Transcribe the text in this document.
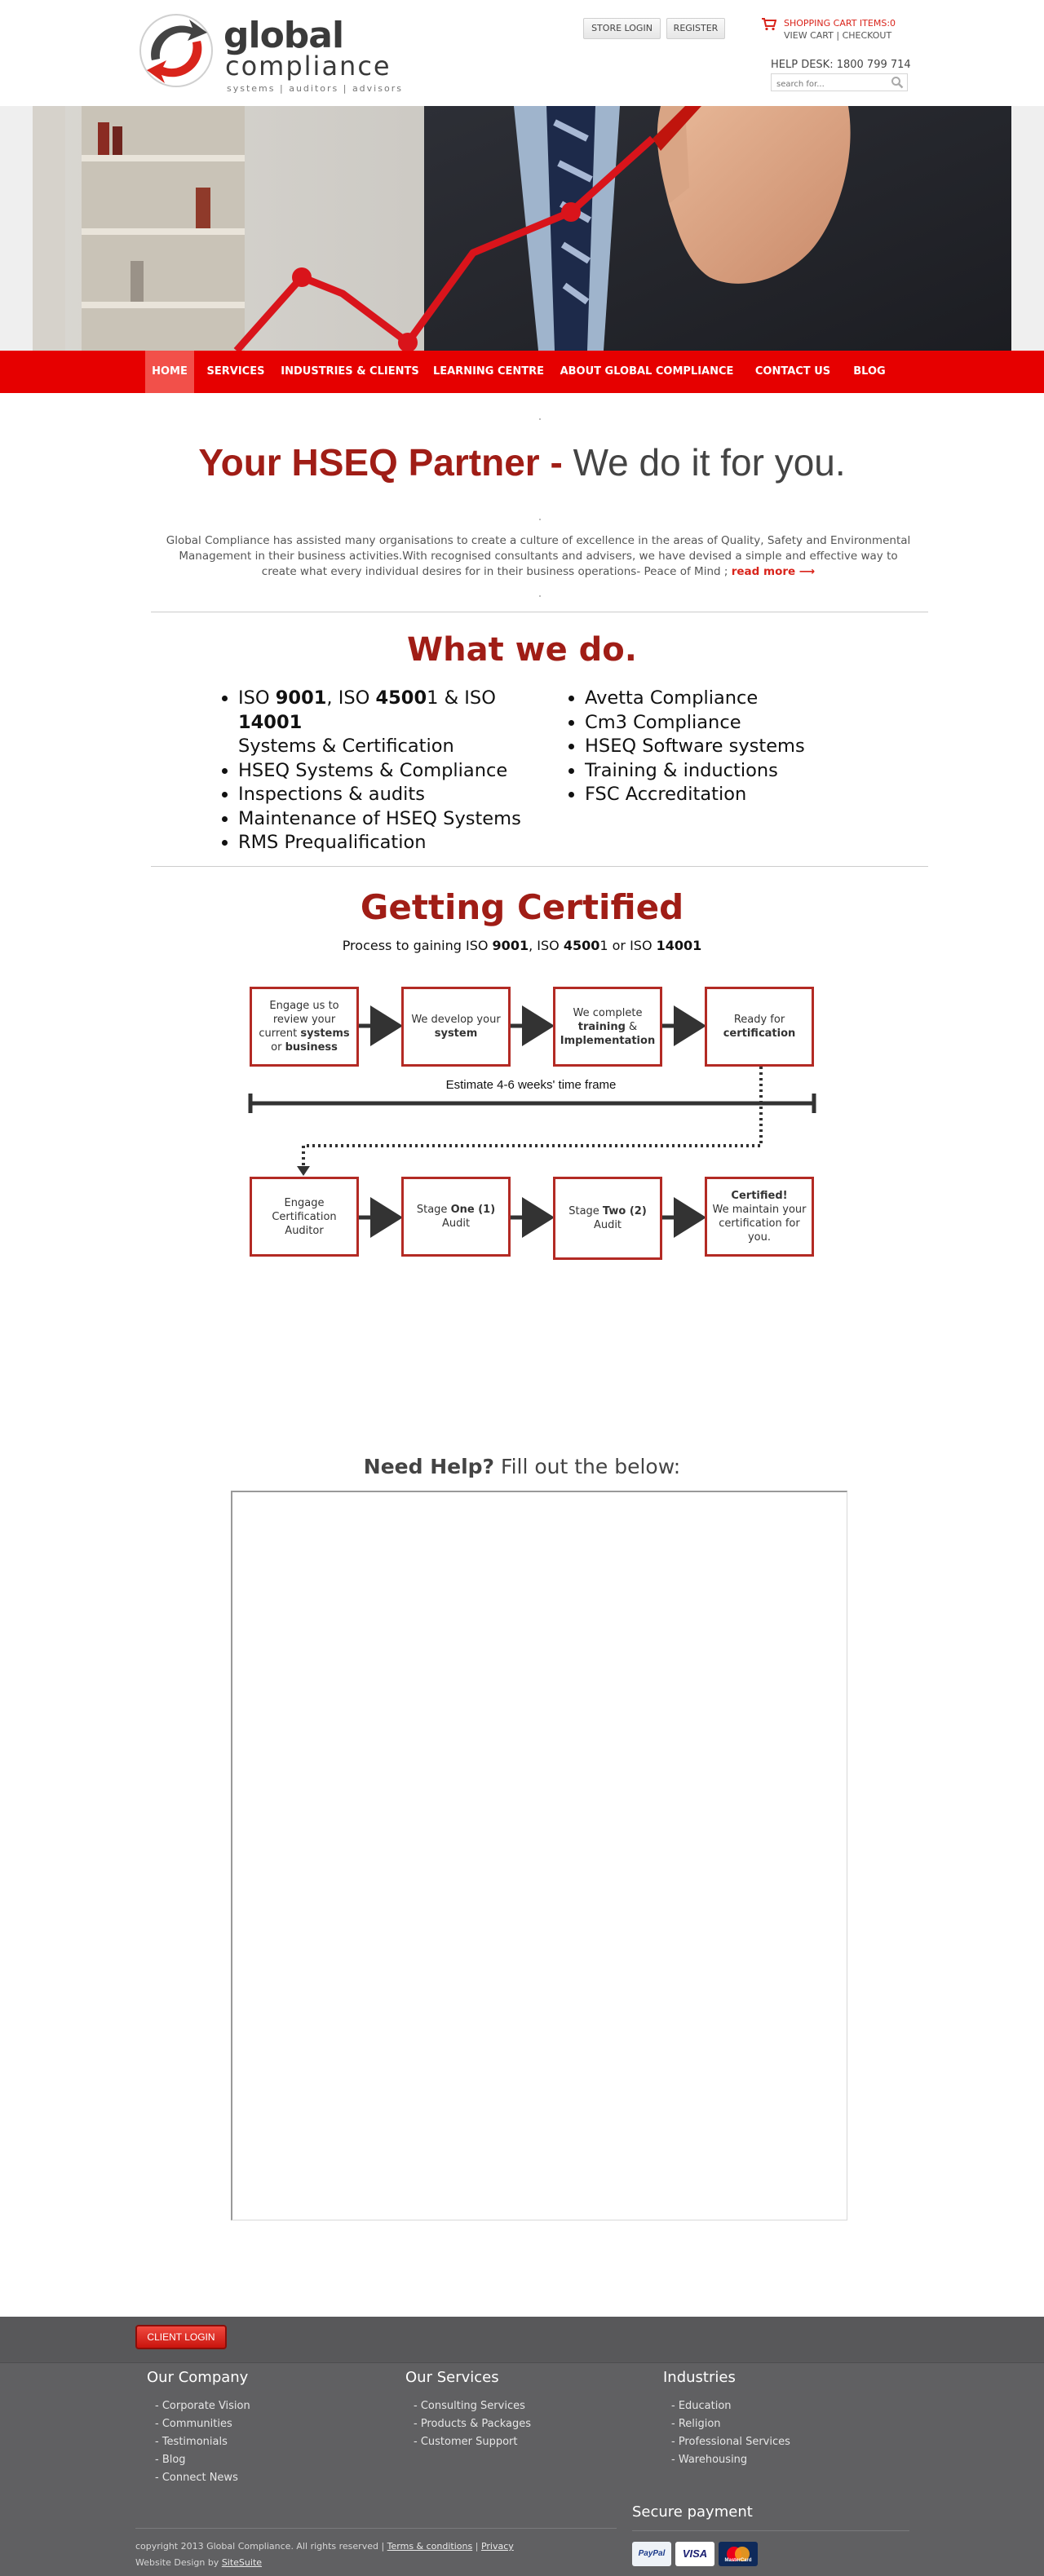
global
compliance
systems | auditors | advisors
STORE LOGIN	REGISTER	SHOPPING CART ITEMS:0
VIEW CART | CHECKOUT
HELP DESK: 1800 799 714
search for...
HOME	SERVICES	INDUSTRIES & CLIENTS	LEARNING CENTRE	ABOUT GLOBAL COMPLIANCE	CONTACT US	BLOG
Your HSEQ Partner - We do it for you.
Global Compliance has assisted many organisations to create a culture of excellence in the areas of Quality, Safety and Environmental Management in their business activities.With recognised consultants and advisers, we have devised a simple and effective way to create what every individual desires for in their business operations- Peace of Mind ; read more ⟶
What we do.
• ISO 9001, ISO 45001 & ISO 14001
Systems & Certification
• HSEQ Systems & Compliance
• Inspections & audits
• Maintenance of HSEQ Systems
• RMS Prequalification
• Avetta Compliance
• Cm3 Compliance
• HSEQ Software systems
• Training & inductions
• FSC Accreditation
Getting Certified
Process to gaining ISO 9001, ISO 45001 or ISO 14001
Engage us to review your current systems or business
We develop your system
We complete training & Implementation
Ready for certification
Estimate 4-6 weeks' time frame
Engage Certification Auditor
Stage One (1)
Audit
Stage Two (2)
Audit
Certified!
We maintain your certification for you.
Need Help? Fill out the below:
CLIENT LOGIN
Our Company
- Corporate Vision
- Communities
- Testimonials
- Blog
- Connect News
Our Services
- Consulting Services
- Products & Packages
- Customer Support
Industries
- Education
- Religion
- Professional Services
- Warehousing
copyright 2013 Global Compliance. All rights reserved | Terms & conditions | Privacy
Website Design by SiteSuite
Secure payment
PayPal	VISA
MasterCard
